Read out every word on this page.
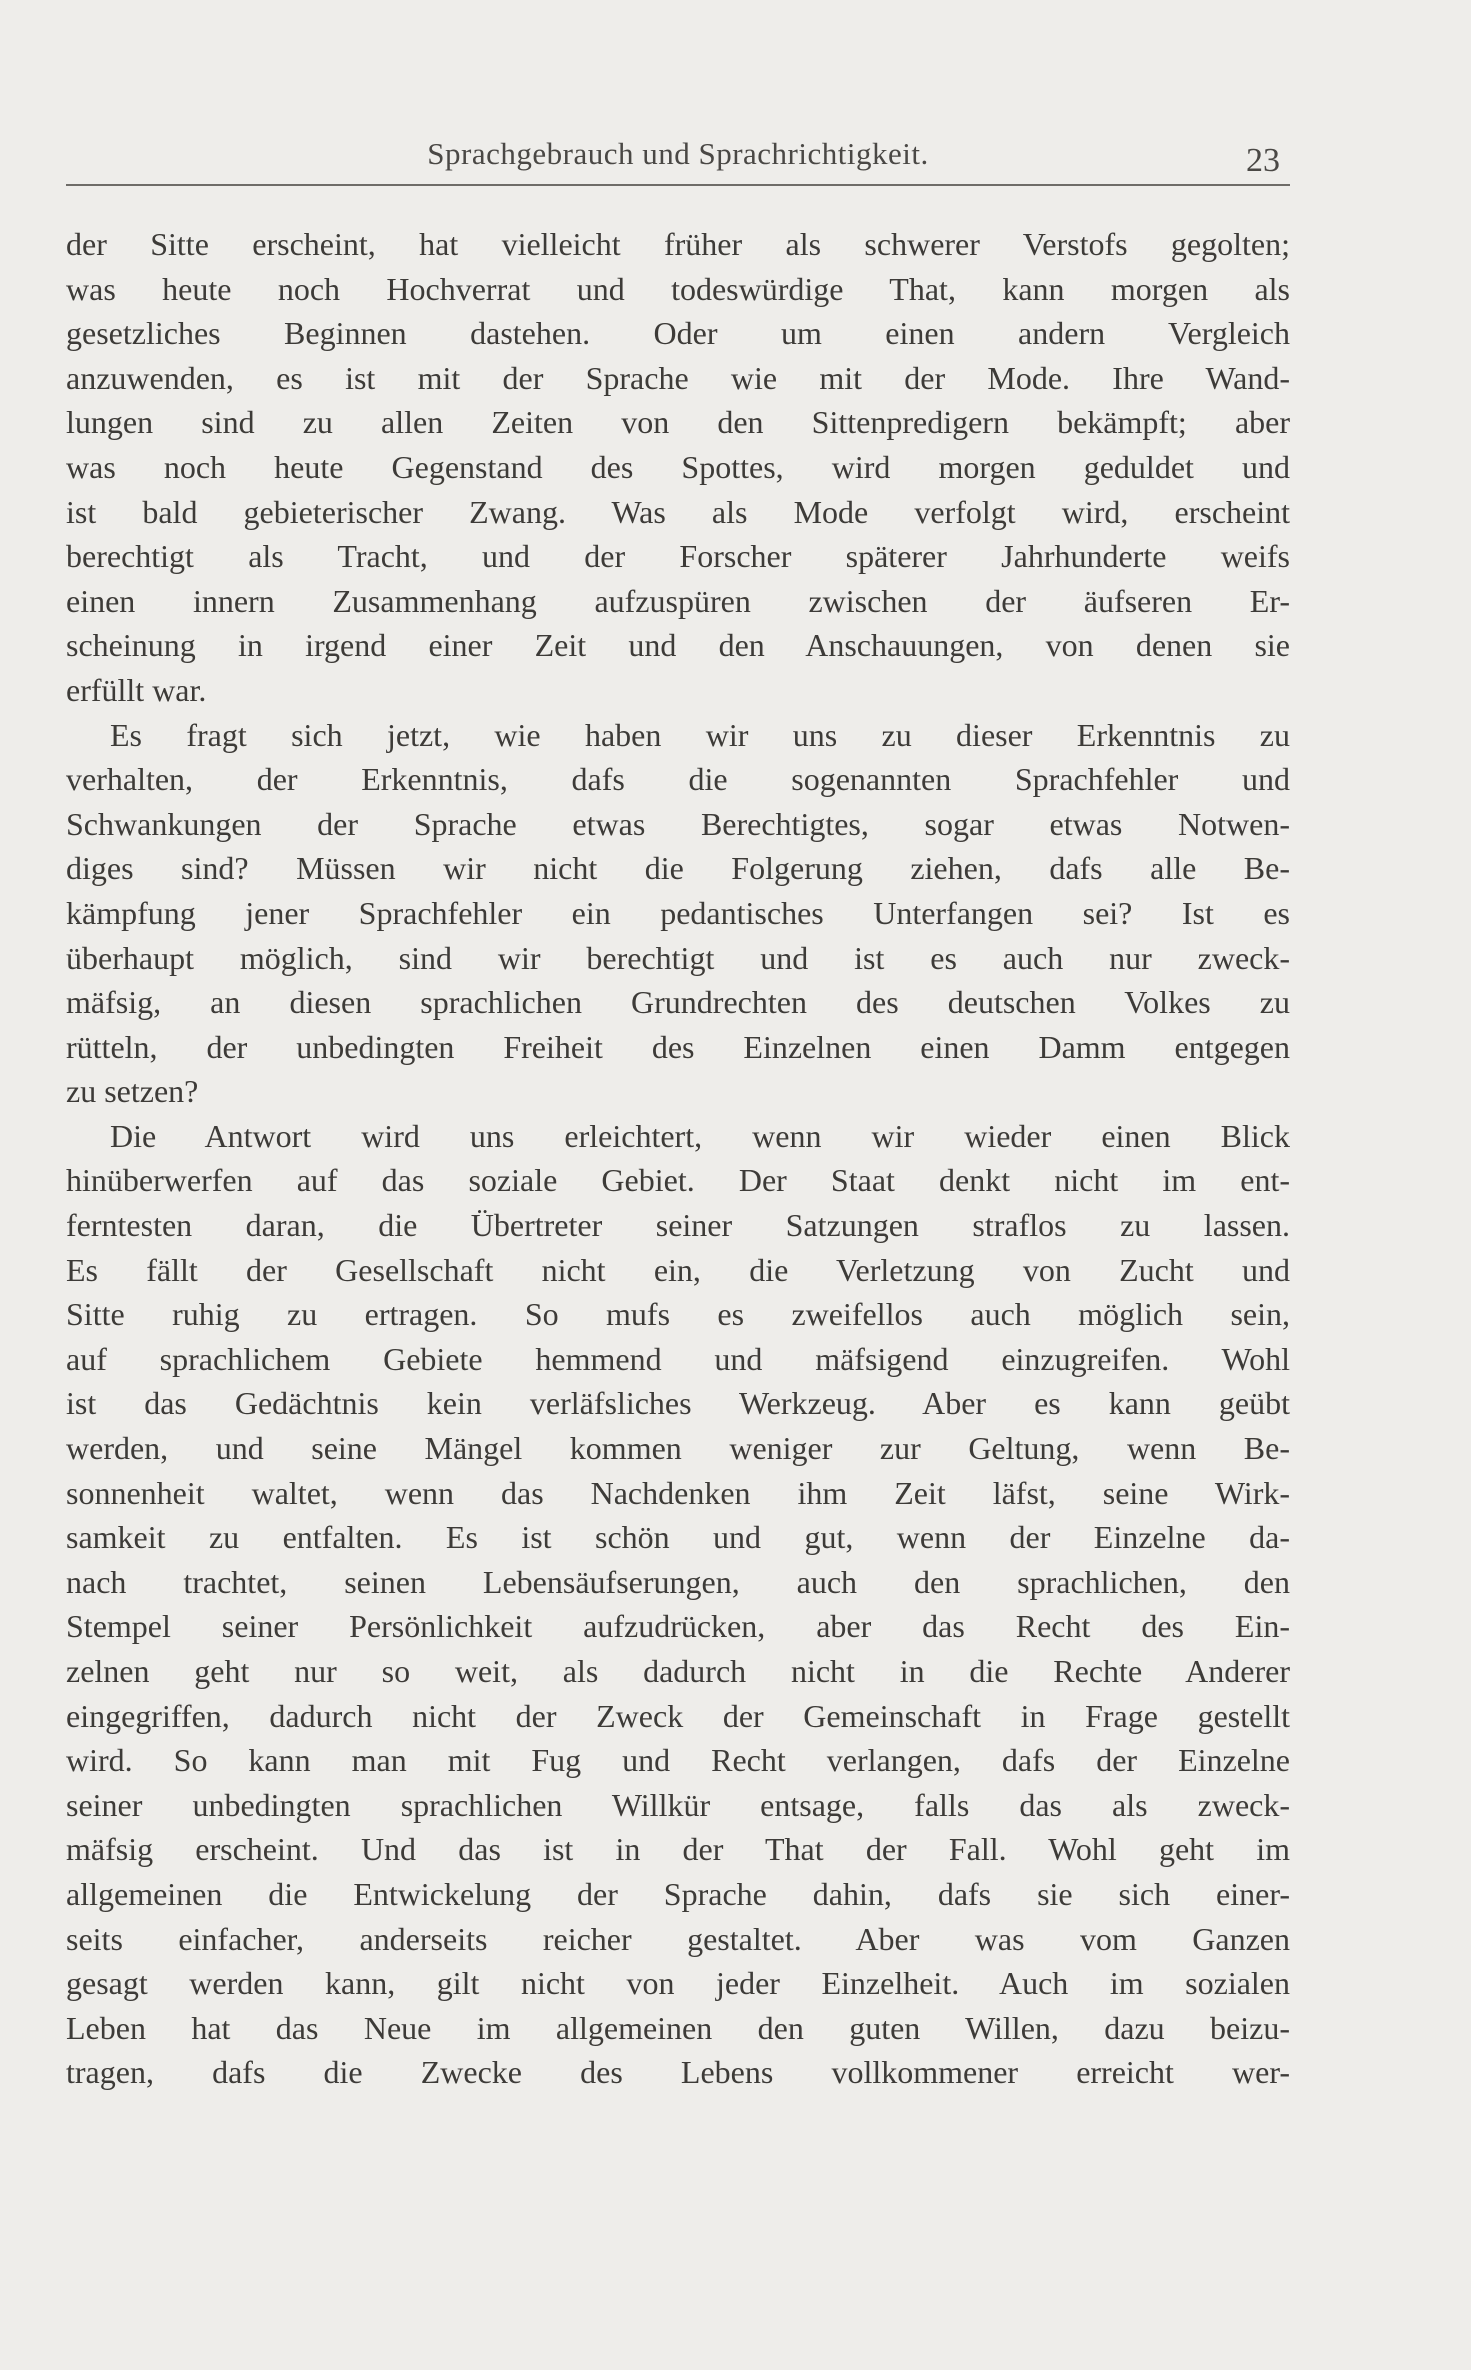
Sprachgebrauch und Sprachrichtigkeit.	23
der Sitte erscheint, hat vielleicht früher als schwerer Verstofs gegolten;
was heute noch Hochverrat und todeswürdige That, kann morgen als
gesetzliches Beginnen dastehen. Oder um einen andern Vergleich
anzuwenden, es ist mit der Sprache wie mit der Mode. Ihre Wand-
lungen sind zu allen Zeiten von den Sittenpredigern bekämpft; aber
was noch heute Gegenstand des Spottes, wird morgen geduldet und
ist bald gebieterischer Zwang. Was als Mode verfolgt wird, erscheint
berechtigt als Tracht, und der Forscher späterer Jahrhunderte weifs
einen innern Zusammenhang aufzuspüren zwischen der äufseren Er-
scheinung in irgend einer Zeit und den Anschauungen, von denen sie
erfüllt war.
Es fragt sich jetzt, wie haben wir uns zu dieser Erkenntnis zu
verhalten, der Erkenntnis, dafs die sogenannten Sprachfehler und
Schwankungen der Sprache etwas Berechtigtes, sogar etwas Notwen-
diges sind? Müssen wir nicht die Folgerung ziehen, dafs alle Be-
kämpfung jener Sprachfehler ein pedantisches Unterfangen sei? Ist es
überhaupt möglich, sind wir berechtigt und ist es auch nur zweck-
mäfsig, an diesen sprachlichen Grundrechten des deutschen Volkes zu
rütteln, der unbedingten Freiheit des Einzelnen einen Damm entgegen
zu setzen?
Die Antwort wird uns erleichtert, wenn wir wieder einen Blick
hinüberwerfen auf das soziale Gebiet. Der Staat denkt nicht im ent-
ferntesten daran, die Übertreter seiner Satzungen straflos zu lassen.
Es fällt der Gesellschaft nicht ein, die Verletzung von Zucht und
Sitte ruhig zu ertragen. So mufs es zweifellos auch möglich sein,
auf sprachlichem Gebiete hemmend und mäfsigend einzugreifen. Wohl
ist das Gedächtnis kein verläfsliches Werkzeug. Aber es kann geübt
werden, und seine Mängel kommen weniger zur Geltung, wenn Be-
sonnenheit waltet, wenn das Nachdenken ihm Zeit läfst, seine Wirk-
samkeit zu entfalten. Es ist schön und gut, wenn der Einzelne da-
nach trachtet, seinen Lebensäufserungen, auch den sprachlichen, den
Stempel seiner Persönlichkeit aufzudrücken, aber das Recht des Ein-
zelnen geht nur so weit, als dadurch nicht in die Rechte Anderer
eingegriffen, dadurch nicht der Zweck der Gemeinschaft in Frage gestellt
wird. So kann man mit Fug und Recht verlangen, dafs der Einzelne
seiner unbedingten sprachlichen Willkür entsage, falls das als zweck-
mäfsig erscheint. Und das ist in der That der Fall. Wohl geht im
allgemeinen die Entwickelung der Sprache dahin, dafs sie sich einer-
seits einfacher, anderseits reicher gestaltet. Aber was vom Ganzen
gesagt werden kann, gilt nicht von jeder Einzelheit. Auch im sozialen
Leben hat das Neue im allgemeinen den guten Willen, dazu beizu-
tragen, dafs die Zwecke des Lebens vollkommener erreicht wer-
